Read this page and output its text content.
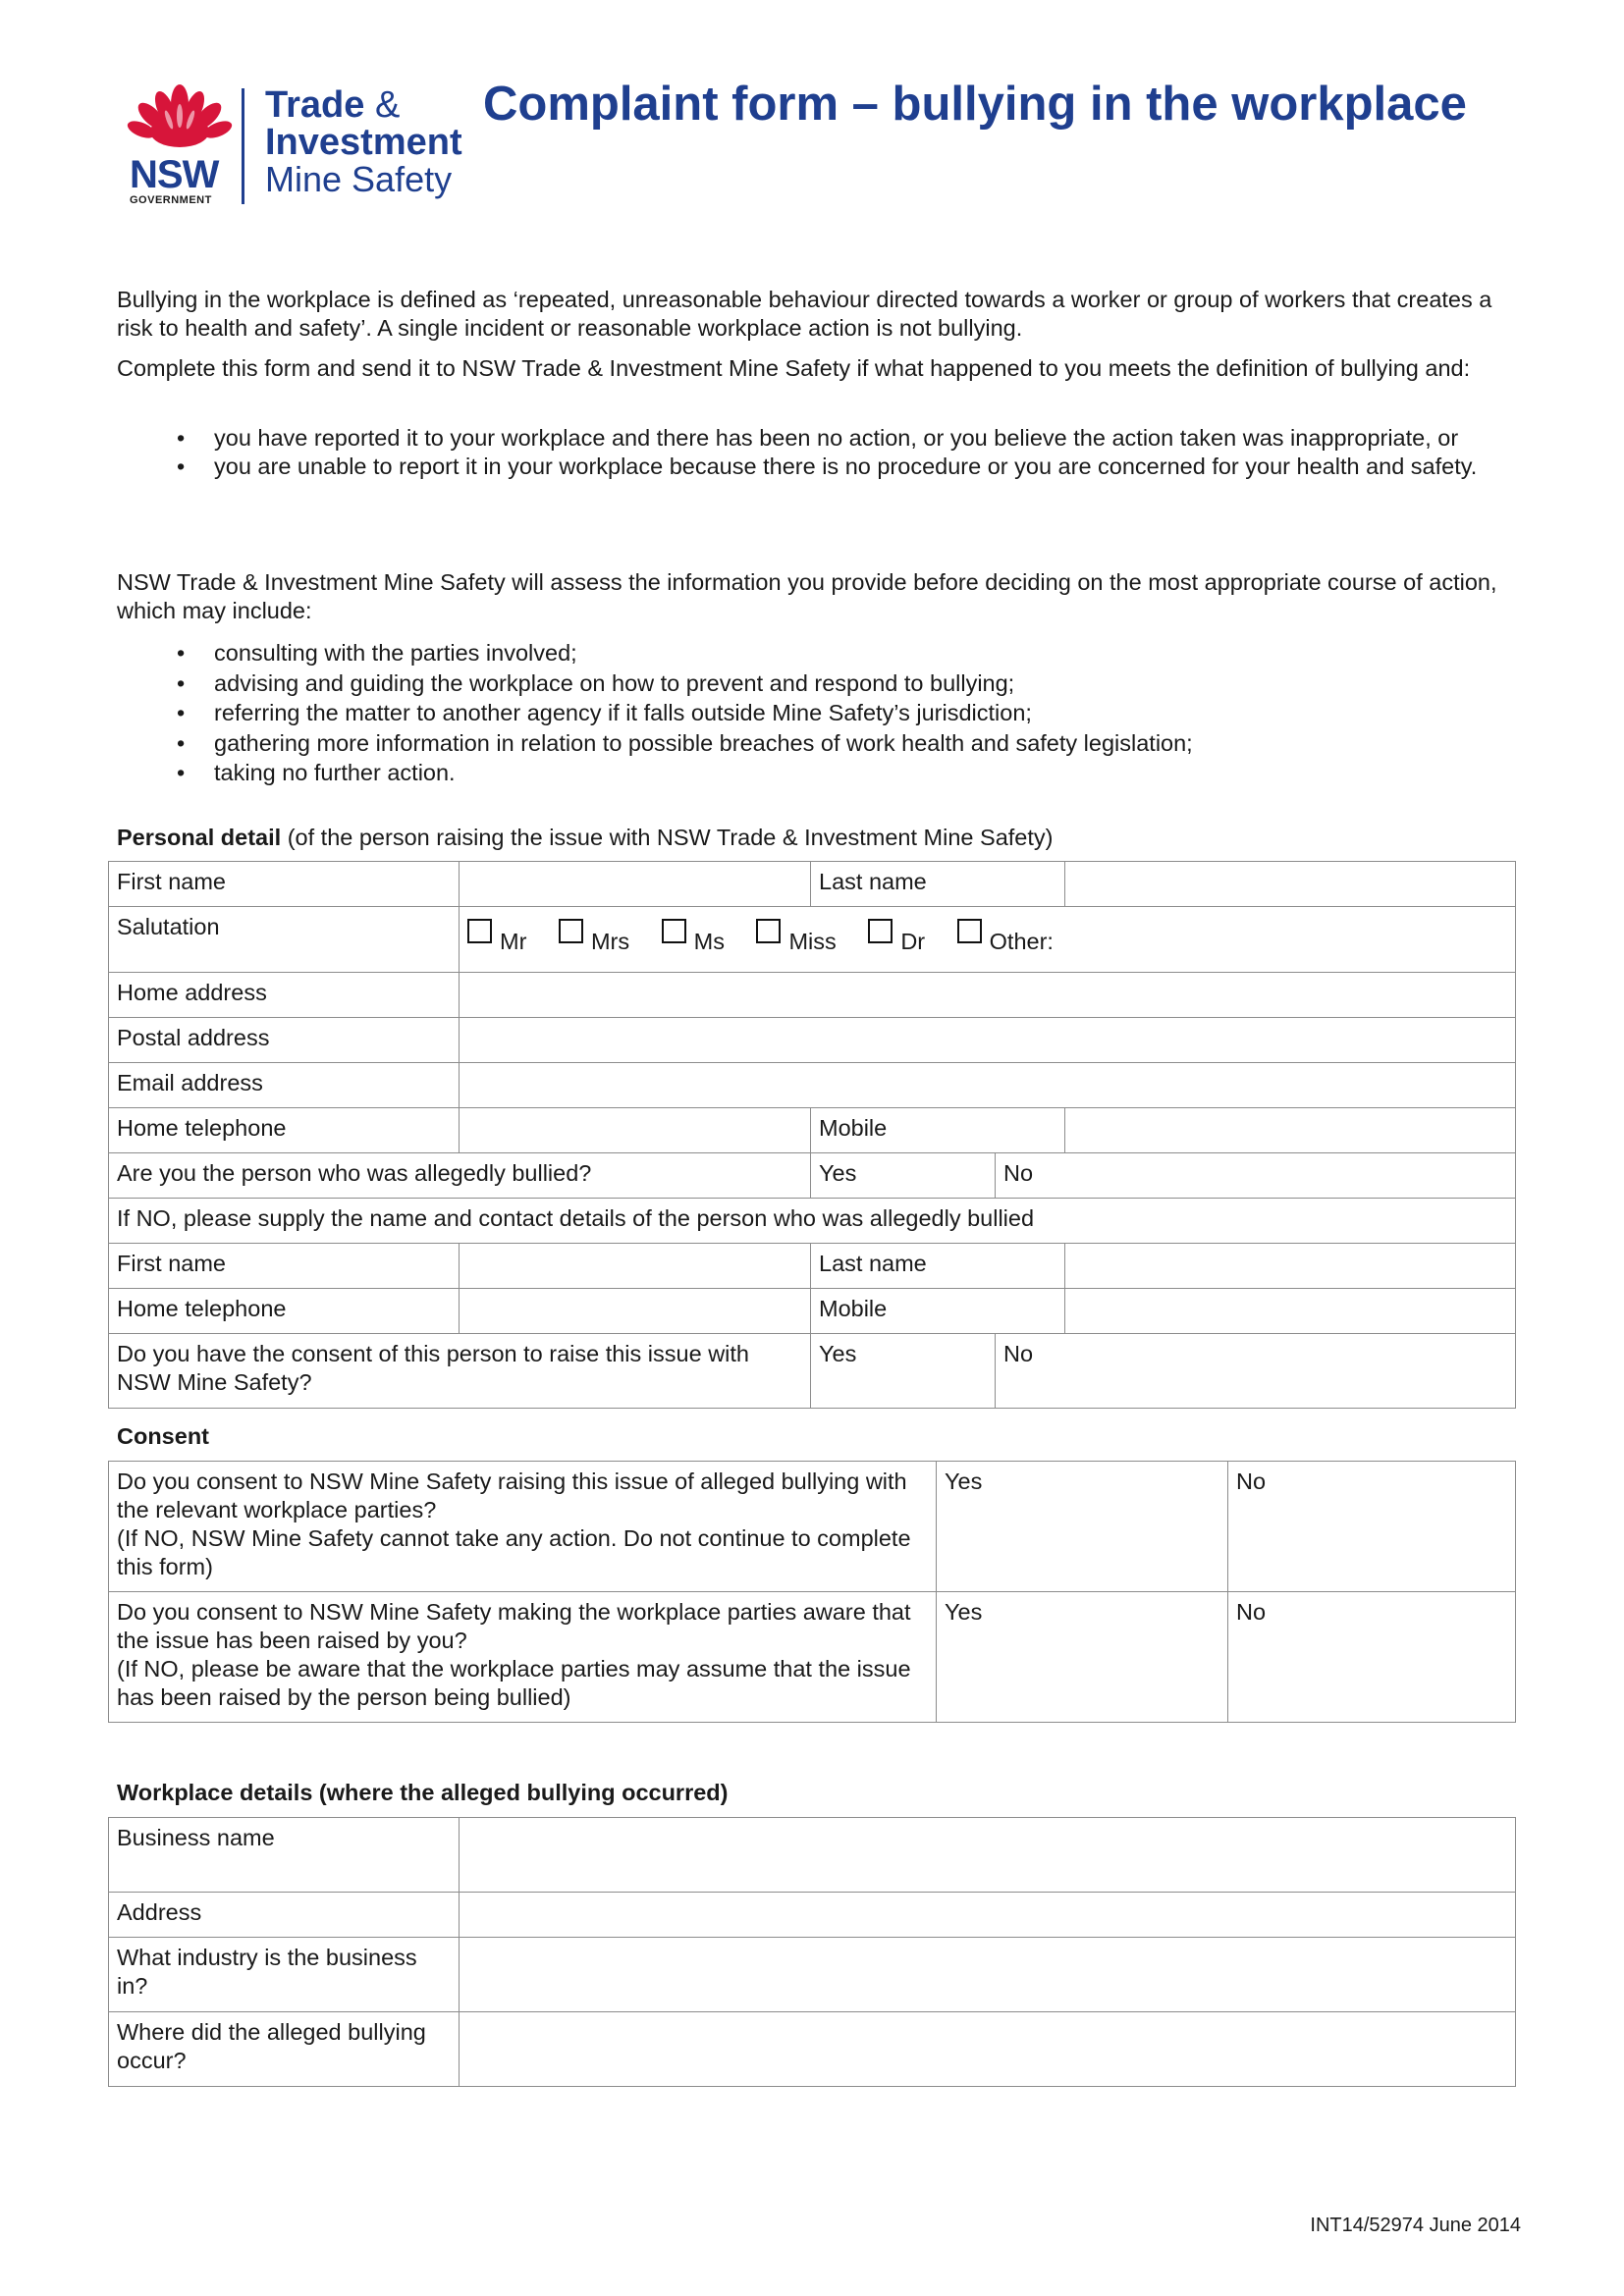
NSW
GOVERNMENT
Trade &
Investment
Mine Safety
Complaint form – bullying in the workplace
Bullying in the workplace is defined as ‘repeated, unreasonable behaviour directed towards a worker or group of workers that creates a risk to health and safety’. A single incident or reasonable workplace action is not bullying.
Complete this form and send it to NSW Trade & Investment Mine Safety if what happened to you meets the definition of bullying and:
• you have reported it to your workplace and there has been no action, or you believe the action taken was inappropriate, or
• you are unable to report it in your workplace because there is no procedure or you are concerned for your health and safety.
NSW Trade & Investment Mine Safety will assess the information you provide before deciding on the most appropriate course of action, which may include:
• consulting with the parties involved;
• advising and guiding the workplace on how to prevent and respond to bullying;
• referring the matter to another agency if it falls outside Mine Safety’s jurisdiction;
• gathering more information in relation to possible breaches of work health and safety legislation;
• taking no further action.
Personal detail (of the person raising the issue with NSW Trade & Investment Mine Safety)
First name		Last name		
Salutation	Mr Mrs Ms Miss Dr Other:			
Home address				
Postal address				
Email address				
Home telephone		Mobile		
Are you the person who was allegedly bullied?		Yes	No	
If NO, please supply the name and contact details of the person who was allegedly bullied				
First name		Last name		
Home telephone		Mobile		
Do you have the consent of this person to raise this issue with NSW Mine Safety?		Yes	No	
Consent
Do you consent to NSW Mine Safety raising this issue of alleged bullying with the relevant workplace parties?
(If NO, NSW Mine Safety cannot take any action. Do not continue to complete this form)	Yes	No

Do you consent to NSW Mine Safety making the workplace parties aware that the issue has been raised by you?
(If NO, please be aware that the workplace parties may assume that the issue has been raised by the person being bullied)	Yes	No
Workplace details (where the alleged bullying occurred)
Business name	
Address	
What industry is the business in?	
Where did the alleged bullying occur?	
INT14/52974 June 2014
